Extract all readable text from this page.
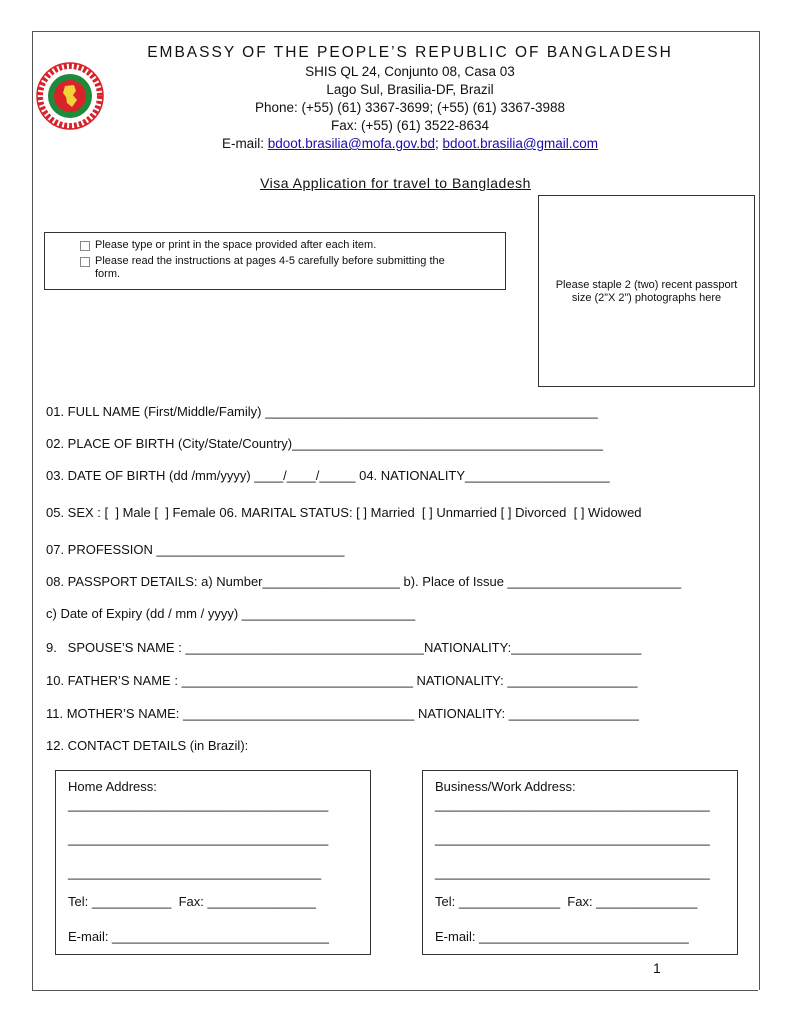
EMBASSY OF THE PEOPLE’S REPUBLIC OF BANGLADESH
SHIS QL 24, Conjunto 08, Casa 03
Lago Sul, Brasilia-DF, Brazil
Phone: (+55) (61) 3367-3699; (+55) (61) 3367-3988
Fax: (+55) (61) 3522-8634
E-mail: bdoot.brasilia@mofa.gov.bd; bdoot.brasilia@gmail.com
Visa Application for travel to Bangladesh
Please type or print in the space provided after each item.
Please read the instructions at pages 4-5 carefully before submitting the form.
Please staple 2 (two) recent passport size (2”X 2”) photographs here
01. FULL NAME (First/Middle/Family) ______________________________________________
02. PLACE OF BIRTH (City/State/Country)___________________________________________
03. DATE OF BIRTH (dd /mm/yyyy) ____/____/_____ 04. NATIONALITY____________________
05. SEX : [  ] Male [  ] Female 06. MARITAL STATUS: [ ] Married  [ ] Unmarried [ ] Divorced  [ ] Widowed
07. PROFESSION __________________________
08. PASSPORT DETAILS: a) Number___________________ b). Place of Issue ________________________
c) Date of Expiry (dd / mm / yyyy) ________________________
9.   SPOUSE’S NAME : _________________________________NATIONALITY:__________________
10. FATHER’S NAME : ________________________________ NATIONALITY: __________________
11. MOTHER’S NAME: ________________________________ NATIONALITY: __________________
12. CONTACT DETAILS (in Brazil):
Home Address:
____________________________________
____________________________________
___________________________________
Tel: ___________  Fax: _______________
E-mail: ______________________________
Business/Work Address:
______________________________________
______________________________________
______________________________________
Tel: ______________  Fax: ______________
E-mail: _____________________________
1
